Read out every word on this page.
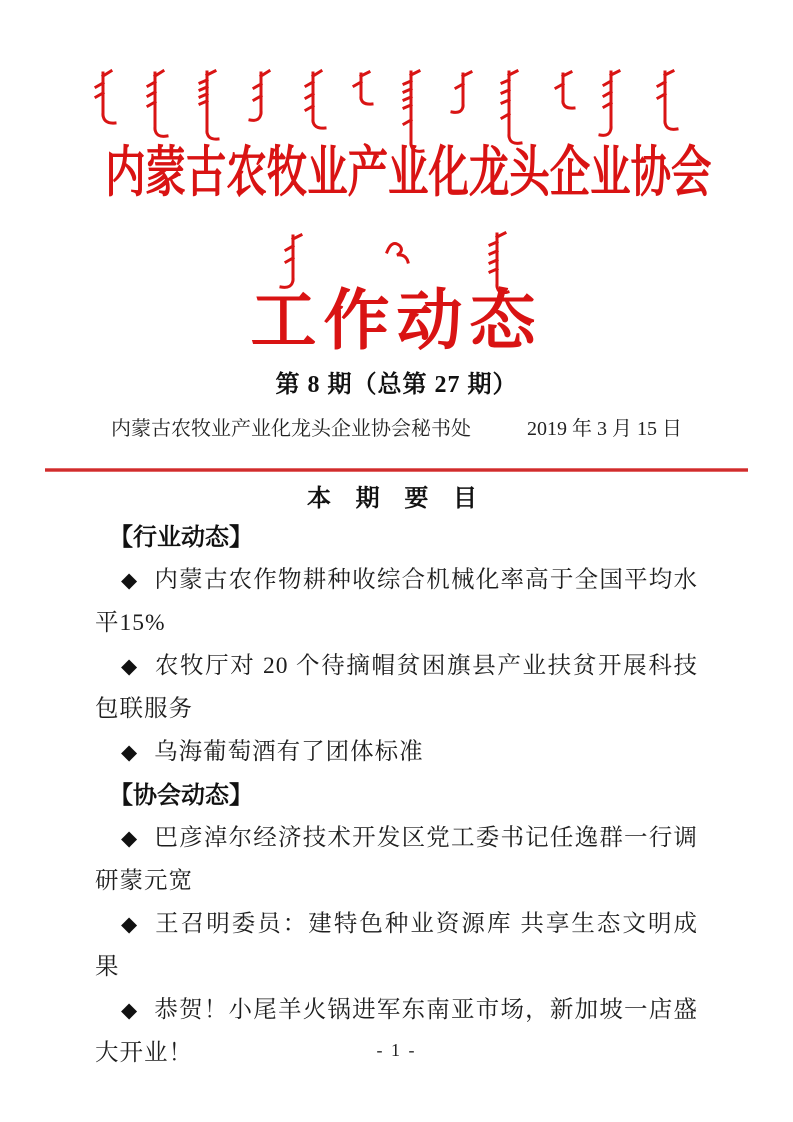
内蒙古农牧业产业化龙头企业协会
工作动态
第 8 期（总第 27 期）
内蒙古农牧业产业化龙头企业协会秘书处	2019 年 3 月 15 日
本 期 要 目
【行业动态】

◆ 内蒙古农作物耕种收综合机械化率高于全国平均水平15%

◆ 农牧厅对 20 个待摘帽贫困旗县产业扶贫开展科技包联服务

◆ 乌海葡萄酒有了团体标准

【协会动态】

◆ 巴彦淖尔经济技术开发区党工委书记任逸群一行调研蒙元宽

◆ 王召明委员：建特色种业资源库 共享生态文明成果

◆ 恭贺！小尾羊火锅进军东南亚市场，新加坡一店盛大开业！	- 1 -
